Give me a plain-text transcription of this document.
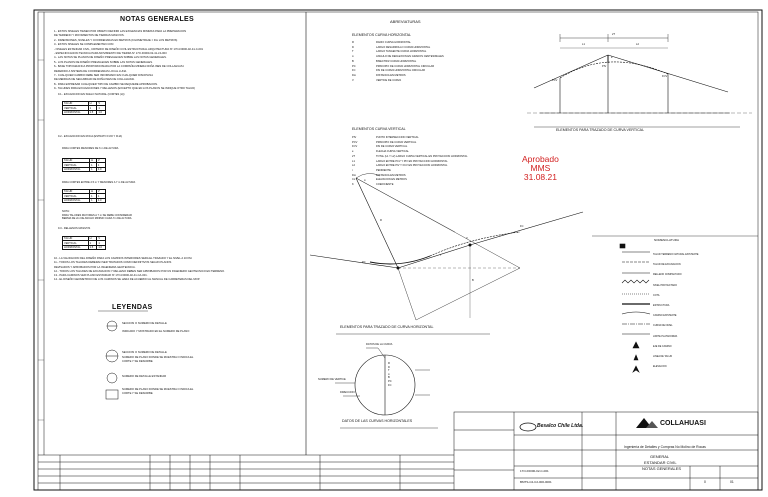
NOTAS GENERALES
1.- ESTOS NIVELES TIENEN POR OBJETO DEFINIR LAS EXIGENCIAS MINIMAS PARA LA PREPARACION
DE TERRENO Y MOVIMIENTOS DE TIERRAS MASIVOS.
2.- DIMENSIONES, NIVELES Y COORDENADAS EN METROS (KILOMETRAJE = Dm LOS METROS)
3.- ESTOS NIVELES SE COMPLEMENTAN CON:
- NIVELES ESTANDAR CIVIL, CRITERIO DE DISEÑO CIVIL ESTRUCTURAL ARQUITECTURA Nº 17O-F0000-02-41-C-001
- ESPECIFICACION TECNICA PARA MOVIMIENTO DE TIERRA Nº 17O-F0000-02-41-LS-003
4.- LAS NOTAS SE PLANOS DE DISEÑO PREVALECEN SOBRE LAS NOTAS GENERALES.
5.- LOS PLANOS DE DISEÑO PREVALECEN SOBRE LAS NOTAS GENERALES.
6.- BASE TOPOGRAFICA PROPORCIONADA POR LA COMPAÑIA MINERA DOÑA INES DE COLLAHUASI.
REFERIDO A SISTEMA DE COORDENADAS LOCAL LUNA.
7.- CUALQUIER CAMBIO DEBE SER INFORMADO EN CUALQUIER DISCIPLINA
DE MEDIDAS DE SEGURIDAD DE DOÑA INES DE COLLAHUASI.
8.- PARA EXPRESAR CUALQUIER TIPO DE CAMBIO SE REQUIERE APROBACION.
9.- TALUDES PARA EXCAVACIONES Y RELLENOS (EXCEPTO QUE EN LOS PLANOS SE INDIQUE OTRO TALUD)
9.1.- EXCAVACION EN SUELO NATURAL (CORTES (H))
TALUD	H	V
VERTICAL	1	1
HORIZONTAL	1.5	1.0
9.2.- EXCAVACION EN ROCA (ESTRATO FIJO Y FIJA)
PARA CORTES MENORES DE 6 m DE ALTURA
TALUD	H	V
VERTICAL	1	1
HORIZONTAL	1	4.0
PARA CORTES ENTRE 2.5 m Y MENORES A 7 m DE ALTURA
TALUD	H	V
VERTICAL	1	1
HORIZONTAL	1	4.0
NOTA:
PARA TALUDES MAYORES A 7 m SE DEBE CONSIDERAR
BERMA DE 2m DE ANCHO MINIMO CADA 7m DE ALTURA
9.3.- RELLENOS MASIVOS
TALUD	H	V
VERTICAL	1	1
HORIZONTAL	1.5	1.0
10.- LA VALIDACION DEL DISEÑO PARA LOS CAMINOS INTERIORES SERA EL TRAZADO Y EL NIVEL A 10 KM.
11.- TODOS LOS TALUDES DEBERAN SER TRATADOS COMO DEFINITIVOS SEGUN PLANOS
REVISADOS Y APROBADOS POR LA INGENIERIA GEOTECNICA.
12.- TODOS LOS TALUDES DE EXCAVACION Y RELLENO DEBEN SER APROBADOS POR UN INGENIERO GEOTECNICO EN TERRENO.
13.- PARA CAMINOS VER PLANO ESTANDAR Nº 17O-F0000-02-41-CA-001.
14.- EL DISEÑO GEOMETRICO DE LOS CAMINOS SE HARA DE ACUERDO AL MANUAL DE CARRETERAS DEL MOP.
LEYENDAS
SECCION O NUMERO DE DETALLE
INDICADO Y MOSTRADO EN EL NUMERO DE PLANO
SECCION O NUMERO DE DETALLE
NUMERO DE PLANO DONDE SE MUESTRA O INDICA EL CORTE Y SE DESCRIBE
NUMERO DE DETALLE ESTANDAR
NUMERO DE PLANO DONDE SE MUESTRA O INDICA EL CORTE Y SE DESCRIBE
ABREVIATURAS
ELEMENTOS CURVA HORIZONTAL
R	RADIO CURVA HORIZONTAL
D	LARGO DESARROLLO CURVA HORIZONTAL
T	LARGO TANGENTE CURVA HORIZONTAL
α	ANGULO DE DEFLEXION EN GRADOS CENTESIMALES
B	BISECTRIZ CURVA HORIZONTAL
PC	PRINCIPIO DE CURVA HORIZONTAL CIRCULAR
FC	FIN DE CURVA HORIZONTAL CIRCULAR
Dm	DISTANCIA EN METROS
V	VERTICE DE CURVA
ELEMENTOS CURVA VERTICAL
PIV	PUNTO INTERSECCION VERTICAL
PCV	PRINCIPIO DE CURVA VERTICAL
FCV	FIN DE CURVA VERTICAL
e	FLECHA CURVA VERTICAL
2T	TOTAL (L1 Y L2) LARGO CURVA VERTICAL EN PROYECCION HORIZONTAL
L1	LARGO ENTRE PCV Y PIV EN PROYECCION HORIZONTAL
L2	LARGO ENTRE PIV Y FCV EN PROYECCION HORIZONTAL
i	PENDIENTE
Dm	DISTANCIA EN METROS
CL	ELEVACION EN METROS
K	COEFICIENTE
PCV
PIV
FCV
L1	L2
2T
e
ELEMENTOS PARA TRAZADO DE CURVA VERTICAL
Aprobado
MMS
31.08.21
PC
FC
V
R
T
B
α
ELEMENTOS PARA TRAZADO DE CURVA HORIZONTAL
DATOS DE LA CURVA
NUMERO DE VERTICE
DIRECCION
R
D
T
α
B
PC
FC
DATOS DE LAS CURVAS HORIZONTALES
NOMENCLATURA
TALUD TERRENO NATURAL EXISTENTE
TALUD DE EXCAVACION
RELLENO COMPACTADO
NIVEL PROYECTADO
COTA
ESTRUCTURA
CAMINO EXISTENTE
CURVA DE NIVEL
LIMITE PLATAFORMA
EJE DE CAMINO
LINEA DE TALUD
ELEVACION
Besalco Chile Ltda.	COLLAHUASI
Ingeniería de Detalles y Compras No Molino de Rocas
GENERAL
ESTANDAR CIVIL
NOTAS GENERALES
17O-F0000-02-C-001
BMTS-C2-C2-000-0001	0	01
